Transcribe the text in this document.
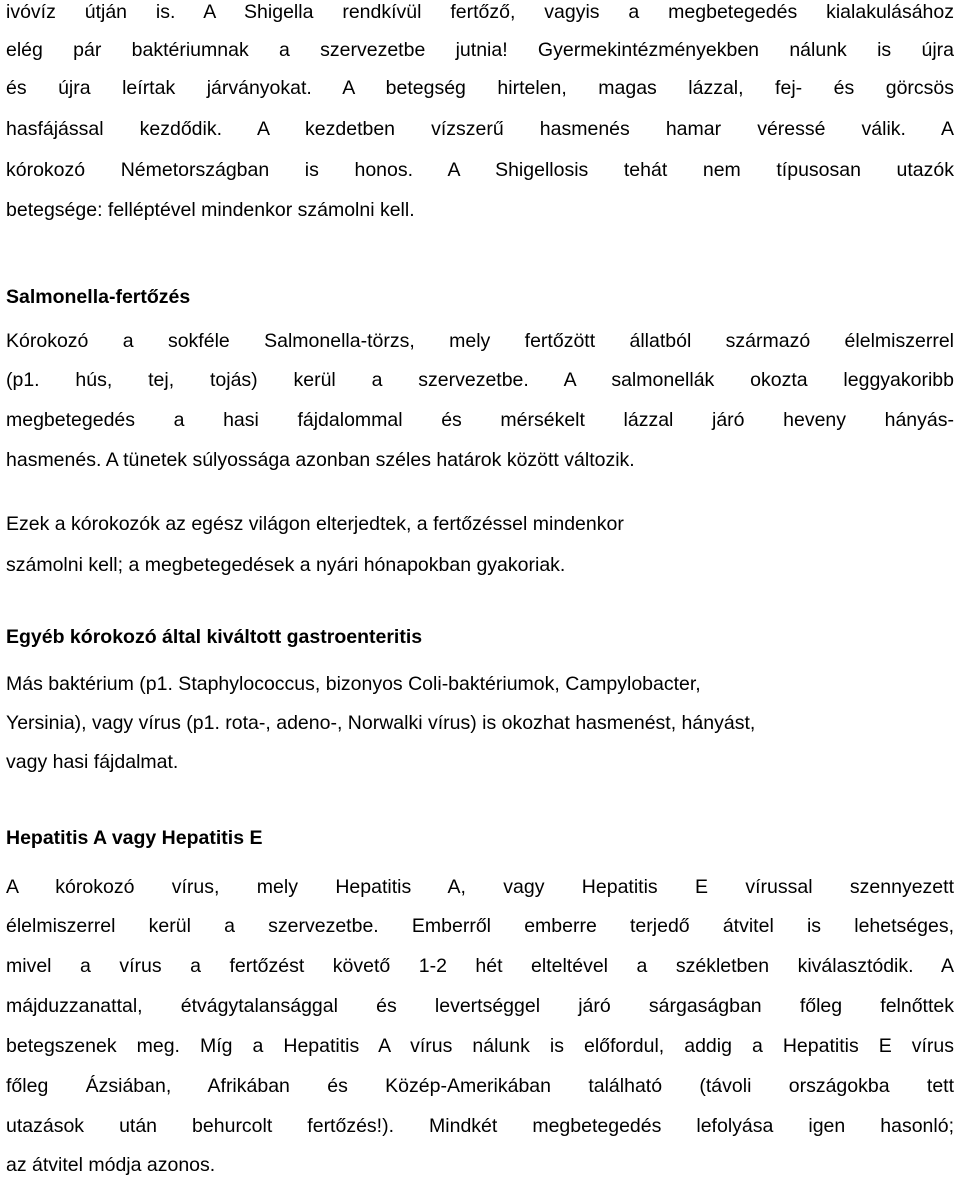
ivóvíz útján is. A Shigella rendkívül fertőző, vagyis a megbetegedés kialakulásához
elég pár baktériumnak a szervezetbe jutnia! Gyermekintézményekben nálunk is újra
és újra leírtak járványokat. A betegség hirtelen, magas lázzal, fej- és görcsös
hasfájással kezdődik. A kezdetben vízszerű hasmenés hamar véressé válik. A
kórokozó Németországban is honos. A Shigellosis tehát nem típusosan utazók
betegsége: felléptével mindenkor számolni kell.
Salmonella-fertőzés
Kórokozó a sokféle Salmonella-törzs, mely fertőzött állatból származó élelmiszerrel
(p1. hús, tej, tojás) kerül a szervezetbe. A salmonellák okozta leggyakoribb
megbetegedés a hasi fájdalommal és mérsékelt lázzal járó heveny hányás-
hasmenés. A tünetek súlyossága azonban széles határok között változik.
Ezek a kórokozók az egész világon elterjedtek, a fertőzéssel mindenkor
számolni kell; a megbetegedések a nyári hónapokban gyakoriak.
Egyéb kórokozó által kiváltott gastroenteritis
Más baktérium (p1. Staphylococcus, bizonyos Coli-baktériumok, Campylobacter,
Yersinia), vagy vírus (p1. rota-, adeno-, Norwalki vírus) is okozhat hasmenést, hányást,
vagy hasi fájdalmat.
Hepatitis A vagy Hepatitis E
A kórokozó vírus, mely Hepatitis A, vagy Hepatitis E vírussal szennyezett
élelmiszerrel kerül a szervezetbe. Emberről emberre terjedő átvitel is lehetséges,
mivel a vírus a fertőzést követő 1-2 hét elteltével a székletben kiválasztódik. A
májduzzanattal, étvágytalansággal és levertséggel járó sárgaságban főleg felnőttek
betegszenek meg. Míg a Hepatitis A vírus nálunk is előfordul, addig a Hepatitis E vírus
főleg Ázsiában, Afrikában és Közép-Amerikában található (távoli országokba tett
utazások után behurcolt fertőzés!). Mindkét megbetegedés lefolyása igen hasonló;
az átvitel módja azonos.
